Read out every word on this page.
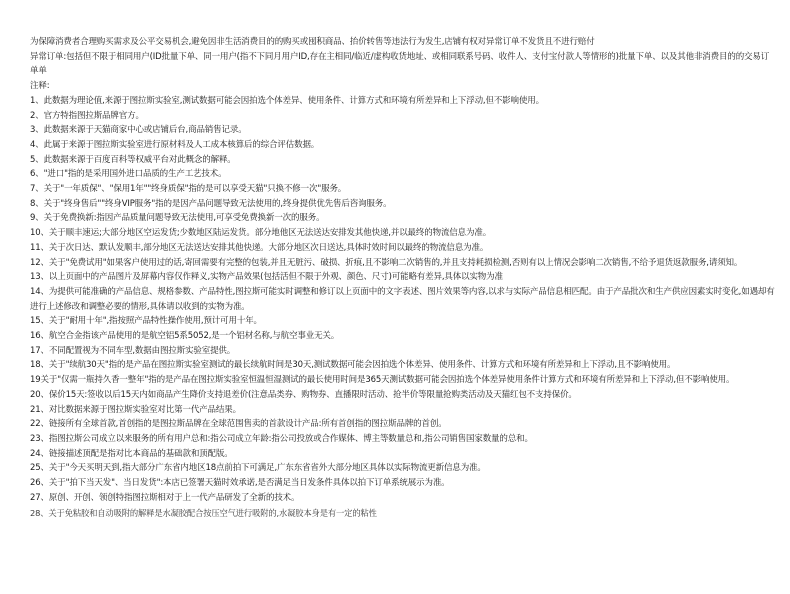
为保障消费者合理购买需求及公平交易机会,避免因非生活消费目的的购买或囤积商品、抬价转售等违法行为发生,店铺有权对异常订单不发货且不进行赔付
异常订单:包括但不限于相同用户(ID批量下单、同一用户(指不下同月用户ID,存在主相同/临近/虚构收货地址、或相同联系号码、收件人、支付宝付款人等情形的)批量下单、以及其他非消费目的的交易订单单
注释:
1、此数据为理论值,来源于图拉斯实验室,测试数据可能会因拍选个体差异、使用条件、计算方式和环境有所差异和上下浮动,但不影响使用。
2、官方特指图拉斯品牌官方。
3、此数据来源于天猫商家中心或店铺后台,商品销售记录。
4、此属于来源于图拉斯实验室进行原材料及人工成本核算后的综合评估数据。
5、此数据来源于百度百科等权威平台对此概念的解释。
6、"进口"指的是采用国外进口品质的生产工艺技术。
7、关于"一年质保"、"保用1年""终身质保"指的是可以享受天猫"只换不修一次"服务。
8、关于"终身售后""终身VIP服务"指的是因产品问题导致无法使用的,终身提供优先售后咨询服务。
9、关于免费换新:指因产品质量问题导致无法使用,可享受免费换新一次的服务。
10、关于顺丰速运;大部分地区空运发货;少数地区陆运发货。部分地他区无法送达安排发其他快递,并以最终的物流信息为准。
11、关于次日达、默认发顺丰,部分地区无法送达安排其他快递。大部分地区次日送达,具体时效时间以最终的物流信息为准。
12、关于"免费试用"如果客户使用过的话,寄回需要有完整的包装,并且无脏污、破损、折痕,且不影响二次销售的,并且支持耗损检测,否则有以上情况会影响二次销售,不给予退货返款服务,请须知。
13、以上页面中的产品图片及屏幕内容仅作释义,实物产品效果(包括活但不限于外观、颜色、尺寸)可能略有差异,具体以实物为准
14、为提供可能准确的产品信息、规格参数、产品特性,图拉斯可能实时调整和修订以上页面中的文字表述、图片效果等内容,以求与实际产品信息相匹配。由于产品批次和生产供应因素实时变化,如遇却有进行上述修改和调整必要的情形,具体请以收到的实物为准。
15、关于"耐用十年",指按照产品特性操作使用,预计可用十年。
16、航空合金指该产品使用的是航空铝5系5052,是一个铝材名称,与航空事业无关。
17、不同配置视为不同车型,数据由图拉斯实验室提供。
18、关于"续航30天"指的是产品在图拉斯实验室测试的最长续航时间是30天,测试数据可能会因拍选个体差异、使用条件、计算方式和环境有所差异和上下浮动,且不影响使用。
19关于"仅需一瓶持久香一整年"指的是产品在图拉斯实验室恒温恒湿测试的最长使用时间是365天测试数据可能会因拍选个体差异使用条件计算方式和环境有所差异和上下浮动,但不影响使用。
20、保价15天:签收以后15天内如商品产生降价支持退差价(注意品类券、购物券、直播限时活动、抢半价等限量抢购类活动及天猫红包不支持保价。
21、对比数据来源于图拉斯实验室对比第一代产品结果。
22、链接所有全球首款,首创指的是图拉斯品牌在全球范围售卖的首款设计产品:所有首创指的图拉斯品牌的首创。
23、指图拉斯公司成立以来服务的所有用户总和:指公司成立年龄:指公司投放或合作媒体、博主等数量总和,指公司销售国家数量的总和。
24、链接描述顶配是指对比本商品的基础款和顶配版。
25、关于"今天买明天到,指大部分广东省内地区18点前拍下可满足,广东东省省外大部分地区具体以实际物流更新信息为准。
26、关于"拍下当天发"、当日发货":本店已签署天猫时效承诺,是否满足当日发条件具体以拍下订单系统展示为准。
27、原创、开创、领创特指图拉斯相对于上一代产品研发了全新的技术。
28、关于免粘胶和自动吸附的解释是水凝胶配合按压空气进行吸附的,水凝胶本身是有一定的粘性
